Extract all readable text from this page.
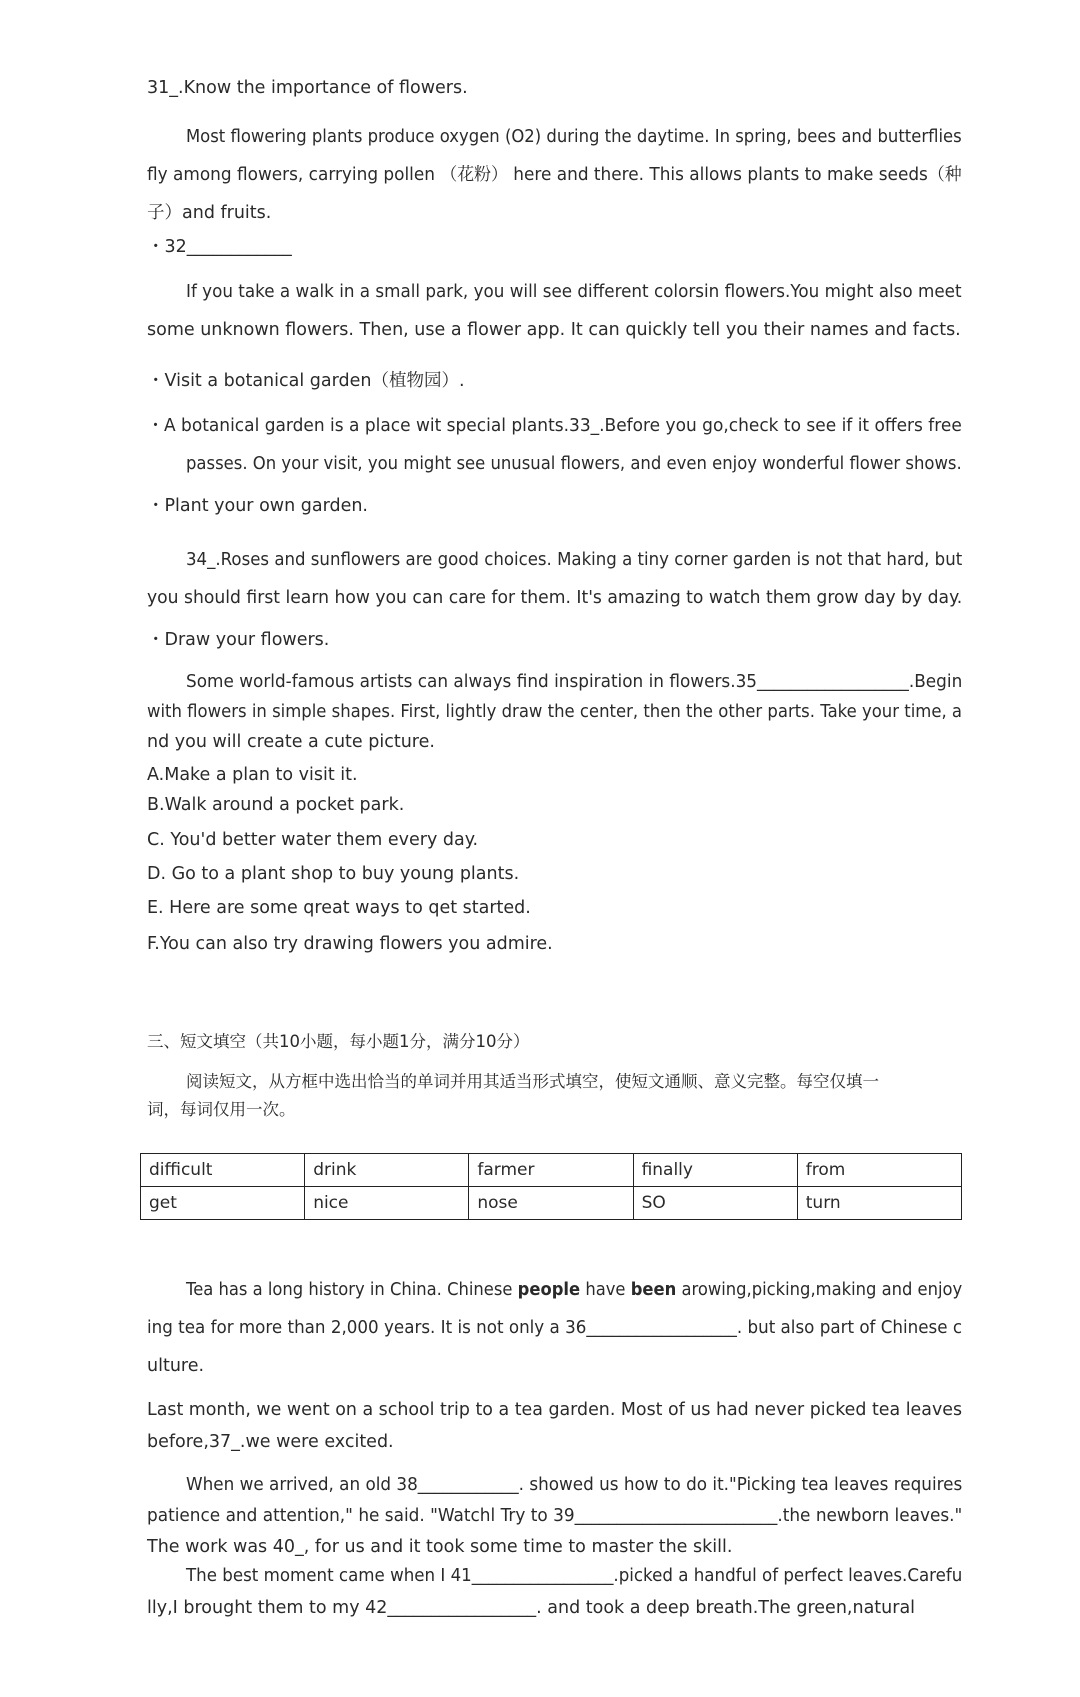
31_.Know the importance of flowers.
Most flowering plants produce oxygen (O2) during the daytime. In spring, bees and butterflies
fly among flowers, carrying pollen （花粉） here and there. This allows plants to make seeds（种
子）and fruits.
・32____________
If you take a walk in a small park, you will see different colorsin flowers.You might also meet
some unknown flowers. Then, use a flower app. It can quickly tell you their names and facts.
・Visit a botanical garden（植物园）.
・A botanical garden is a place wit special plants.33_.Before you go,check to see if it offers free
passes. On your visit, you might see unusual flowers, and even enjoy wonderful flower shows.
・Plant your own garden.
34_.Roses and sunflowers are good choices. Making a tiny corner garden is not that hard, but
you should first learn how you can care for them. It's amazing to watch them grow day by day.
・Draw your flowers.
Some world-famous artists can always find inspiration in flowers.35__________________.Begin
with flowers in simple shapes. First, lightly draw the center, then the other parts. Take your time, a
nd you will create a cute picture.
A.Make a plan to visit it.
B.Walk around a pocket park.
C. You'd better water them every day.
D. Go to a plant shop to buy young plants.
E. Here are some qreat ways to qet started.
F.You can also try drawing flowers you admire.
三、短文填空（共10小题，每小题1分，满分10分）
阅读短文，从方框中选出恰当的单词并用其适当形式填空，使短文通顺、意义完整。每空仅填一
词，每词仅用一次。
difficult	drink	farmer	finally	from
get	nice	nose	SO	turn
Tea has a long history in China. Chinese people have been arowing,picking,making and enjoy
ing tea for more than 2,000 years. It is not only a 36__________________. but also part of Chinese c
ulture.
Last month, we went on a school trip to a tea garden. Most of us had never picked tea leaves
before,37_.we were excited.
When we arrived, an old 38____________. showed us how to do it."Picking tea leaves requires
patience and attention," he said. "Watchl Try to 39________________________.the newborn leaves."
The work was 40_, for us and it took some time to master the skill.
The best moment came when I 41_________________.picked a handful of perfect leaves.Carefu
lly,I brought them to my 42_________________. and took a deep breath.The green,natural
